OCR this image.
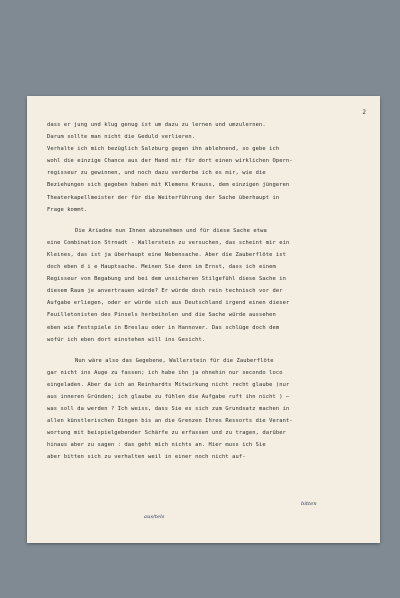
2
dass er jung und klug genug ist um dazu zu lernen und umzulernen.
Darum sollte man nicht die Geduld verlieren.
Verhalte ich mich bezüglich Salzburg gegen ihn ablehnend, so gebe ich
wohl die einzige Chance aus der Hand mir für dort einen wirklichen Opern-
regisseur zu gewinnen, und noch dazu verderbe ich es mir, wie die
Beziehungen sich gegeben haben mit Klemens Krauss, dem einzigen jüngeren
Theaterkapellmeister der für die Weiterführung der Sache überhaupt in
Frage kommt.
Die Ariadne nun Ihnen abzunehmen und für diese Sache etwa
eine Combination Strnadt - Wallerstein zu versuchen, das scheint mir ein
Kleines, das ist ja überhaupt eine Nebensache. Aber die Zauberflöte ist
doch eben d i e Hauptsache. Meinen Sie denn im Ernst, dass ich einem
Regisseur von Begabung und bei dem unsicheren Stilgefühl diese Sache in
diesem Raum je anvertrauen würde? Er würde doch rein technisch vor der
Aufgabe erliegen, oder er würde sich aus Deutschland irgend einen dieser
Feuilletonisten des Pinsels herbeiholen und die Sache würde aussehen
eben wie Festspiele in Breslau oder in Hannover. Das schlüge doch dem
wofür ich eben dort einstehen will ins Gesicht.
Nun wäre also das Gegebene, Wallerstein für die Zauberflöte
gar nicht ins Auge zu fassen; ich habe ihn ja ohnehin nur secondo loco
eingeladen. Aber da ich an Reinhardts Mitwirkung nicht recht glaube (nur
aus inneren Gründen; ich glaube zu fühlen die Aufgabe ruft ihn nicht ) —
was soll da werden ? Ich weiss, dass Sie es sich zum Grundsatz machen in
allen künstlerischen Dingen bis an die Grenzen Ihres Ressorts die Verant-
wortung mit beispielgebender Schärfe zu erfassen und zu tragen, darüber
hinaus aber zu sagen : das geht mich nichts an. Hier muss ich Sie
aber bitten sich zu verhalten weil in einer noch nicht auf-
aus/tels
bitten
